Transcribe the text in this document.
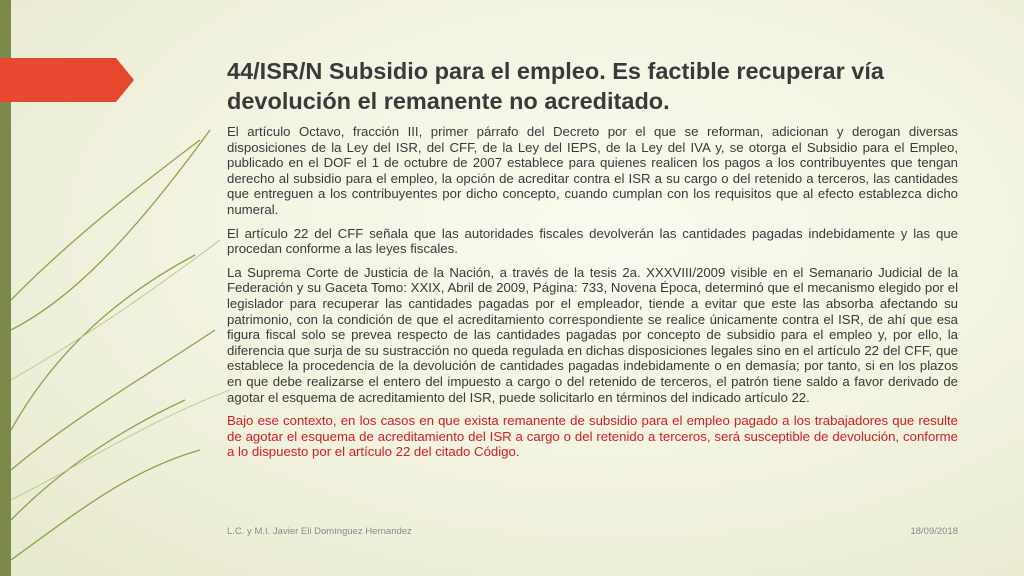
44/ISR/N Subsidio para el empleo. Es factible recuperar vía devolución el remanente no acreditado.

El artículo Octavo, fracción III, primer párrafo del Decreto por el que se reforman, adicionan y derogan diversas disposiciones de la Ley del ISR, del CFF, de la Ley del IEPS, de la Ley del IVA y, se otorga el Subsidio para el Empleo, publicado en el DOF el 1 de octubre de 2007 establece para quienes realicen los pagos a los contribuyentes que tengan derecho al subsidio para el empleo, la opción de acreditar contra el ISR a su cargo o del retenido a terceros, las cantidades que entreguen a los contribuyentes por dicho concepto, cuando cumplan con los requisitos que al efecto establezca dicho numeral.

El artículo 22 del CFF señala que las autoridades fiscales devolverán las cantidades pagadas indebidamente y las que procedan conforme a las leyes fiscales.

La Suprema Corte de Justicia de la Nación, a través de la tesis 2a. XXXVIII/2009 visible en el Semanario Judicial de la Federación y su Gaceta Tomo: XXIX, Abril de 2009, Página: 733, Novena Época, determinó que el mecanismo elegido por el legislador para recuperar las cantidades pagadas por el empleador, tiende a evitar que este las absorba afectando su patrimonio, con la condición de que el acreditamiento correspondiente se realice únicamente contra el ISR, de ahí que esa figura fiscal solo se prevea respecto de las cantidades pagadas por concepto de subsidio para el empleo y, por ello, la diferencia que surja de su sustracción no queda regulada en dichas disposiciones legales sino en el artículo 22 del CFF, que establece la procedencia de la devolución de cantidades pagadas indebidamente o en demasía; por tanto, si en los plazos en que debe realizarse el entero del impuesto a cargo o del retenido de terceros, el patrón tiene saldo a favor derivado de agotar el esquema de acreditamiento del ISR, puede solicitarlo en términos del indicado artículo 22.

Bajo ese contexto, en los casos en que exista remanente de subsidio para el empleo pagado a los trabajadores que resulte de agotar el esquema de acreditamiento del ISR a cargo o del retenido a terceros, será susceptible de devolución, conforme a lo dispuesto por el artículo 22 del citado Código.

L.C. y M.I. Javier Eli Domínguez Hernandez	18/09/2018
